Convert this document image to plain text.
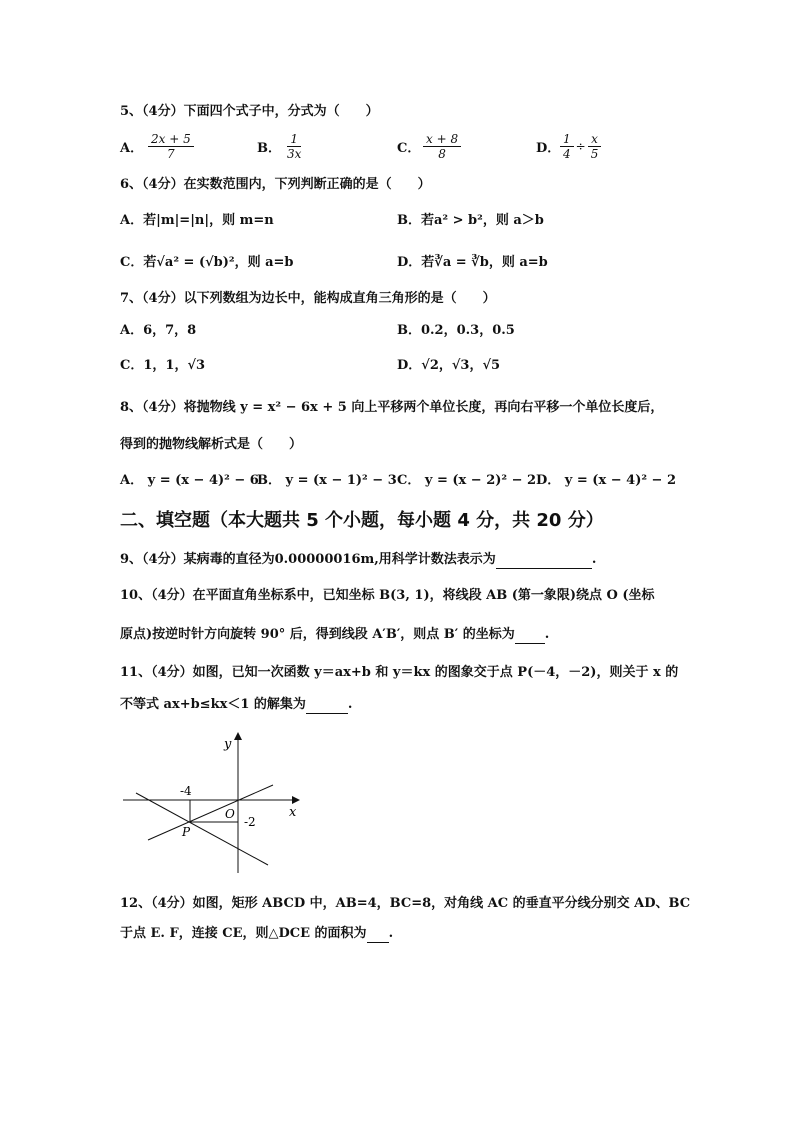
5、（4分）下面四个式子中，分式为（　　）
A． $\frac{2x + 5}{7}$	B． $\frac{1}{3x}$	C． $\frac{x + 8}{8}$	D． $\frac{1}{4} \div \frac{x}{5}$
6、（4分）在实数范围内，下列判断正确的是（　　）
A．若|m|=|n|，则 m=n	B．若a² > b²，则 a＞b
C．若√a² = (√b)²，则 a=b	D．若∛a = ∛b，则 a=b
7、（4分）以下列数组为边长中，能构成直角三角形的是（　　）
A．6，7，8	B．0.2，0.3，0.5
C．1，1，√3	D．√2，√3，√5
8、（4分）将抛物线 y = x² − 6x + 5 向上平移两个单位长度，再向右平移一个单位长度后，
得到的抛物线解析式是（　　）
A． y = (x − 4)² − 6
B． y = (x − 1)² − 3 C． y = (x − 2)² − 2 D． y = (x − 4)² − 2
二、填空题（本大题共 5 个小题，每小题 4 分，共 20 分）
9、（4分）某病毒的直径为0.00000016m,用科学计数法表示为	.
10、（4分）在平面直角坐标系中，已知坐标 B(3, 1)，将线段 AB (第一象限)绕点 O (坐标
原点)按逆时针方向旋转 90° 后，得到线段 A′B′，则点 B′ 的坐标为 .
11、（4分）如图，已知一次函数 y＝ax+b 和 y＝kx 的图象交于点 P(－4，－2)，则关于 x 的
不等式 ax+b≤kx＜1 的解集为	.
y
x
O
P
-4
-2
12、（4分）如图，矩形 ABCD 中，AB=4，BC=8，对角线 AC 的垂直平分线分别交 AD、BC
于点 E. F，连接 CE，则△DCE 的面积为 .
